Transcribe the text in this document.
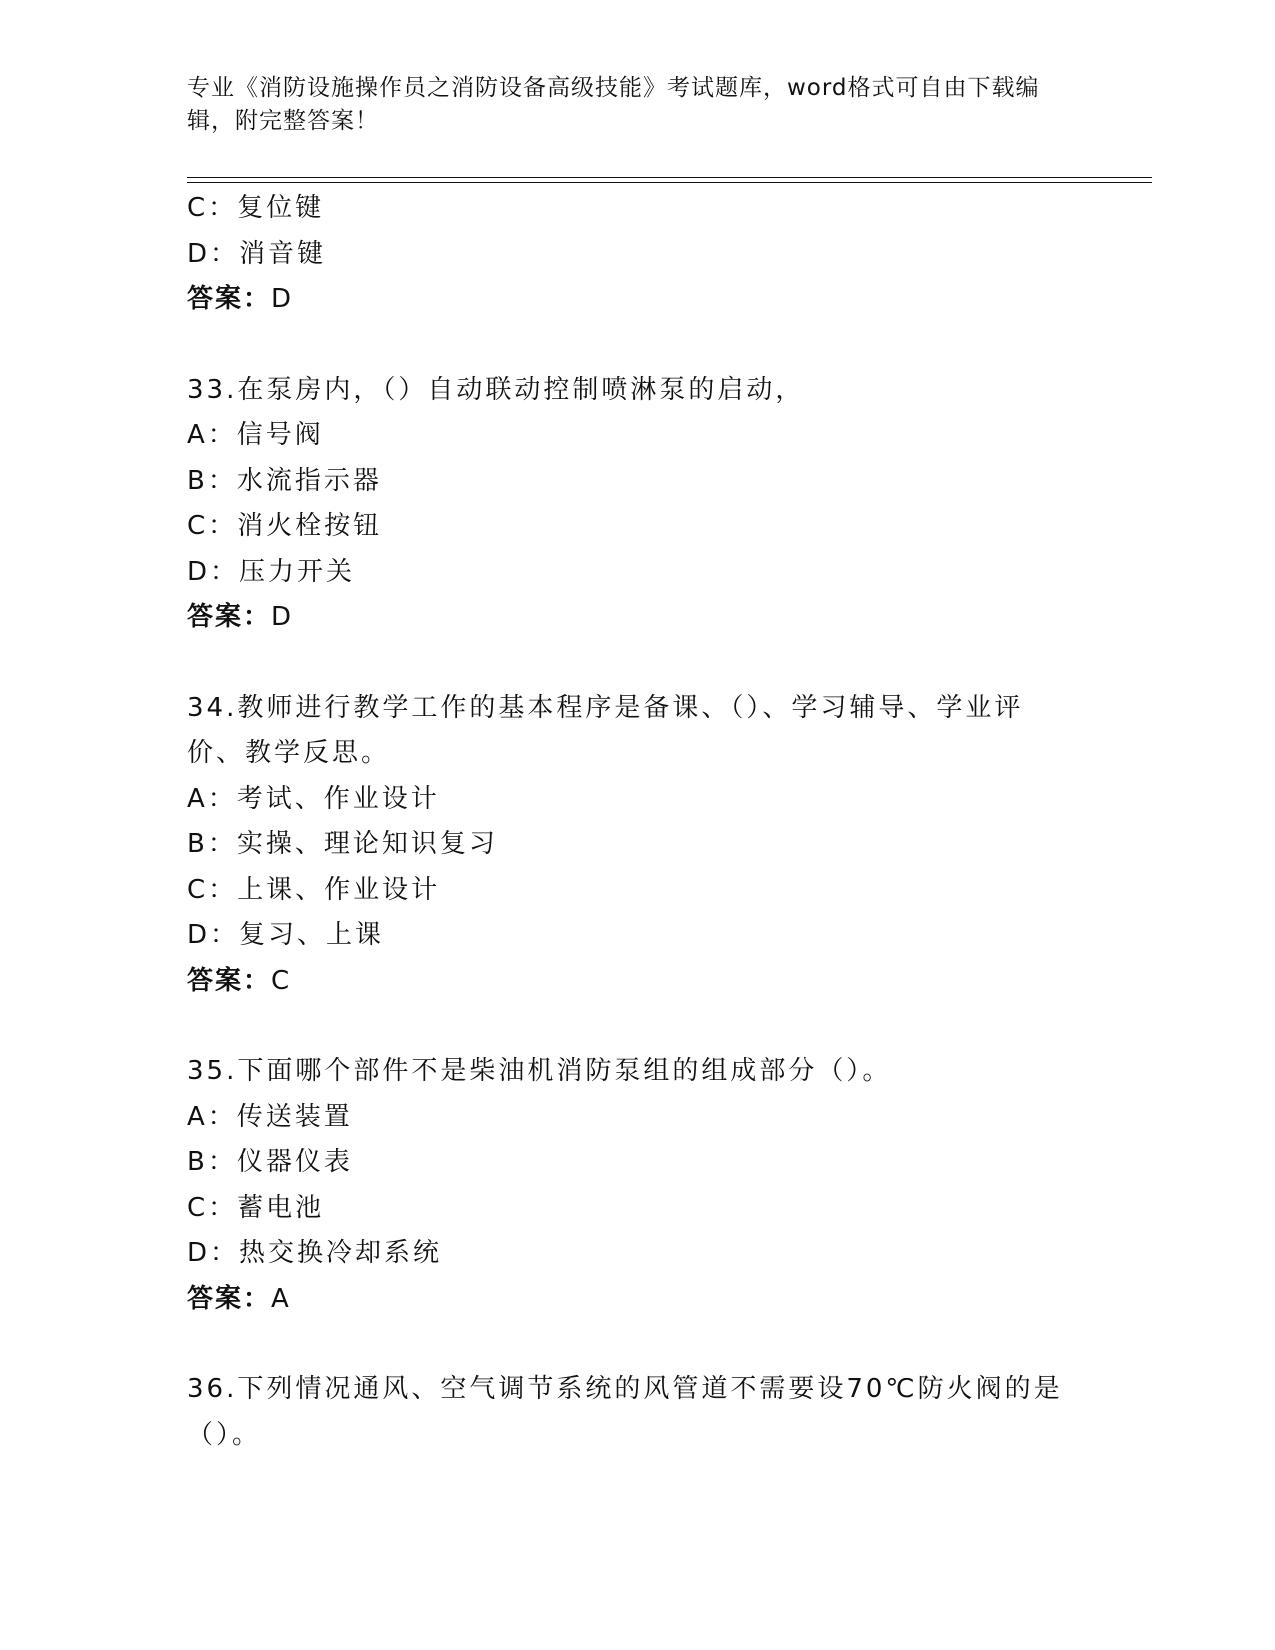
专业《消防设施操作员之消防设备高级技能》考试题库，word格式可自由下载编辑，附完整答案！
C：复位键
D：消音键
答案：D
33.在泵房内，（）自动联动控制喷淋泵的启动，
A：信号阀
B：水流指示器
C：消火栓按钮
D：压力开关
答案：D
34.教师进行教学工作的基本程序是备课、（）、学习辅导、学业评价、教学反思。
A：考试、作业设计
B：实操、理论知识复习
C：上课、作业设计
D：复习、上课
答案：C
35.下面哪个部件不是柴油机消防泵组的组成部分（）。
A：传送装置
B：仪器仪表
C：蓄电池
D：热交换冷却系统
答案：A
36.下列情况通风、空气调节系统的风管道不需要设70℃防火阀的是（）。
